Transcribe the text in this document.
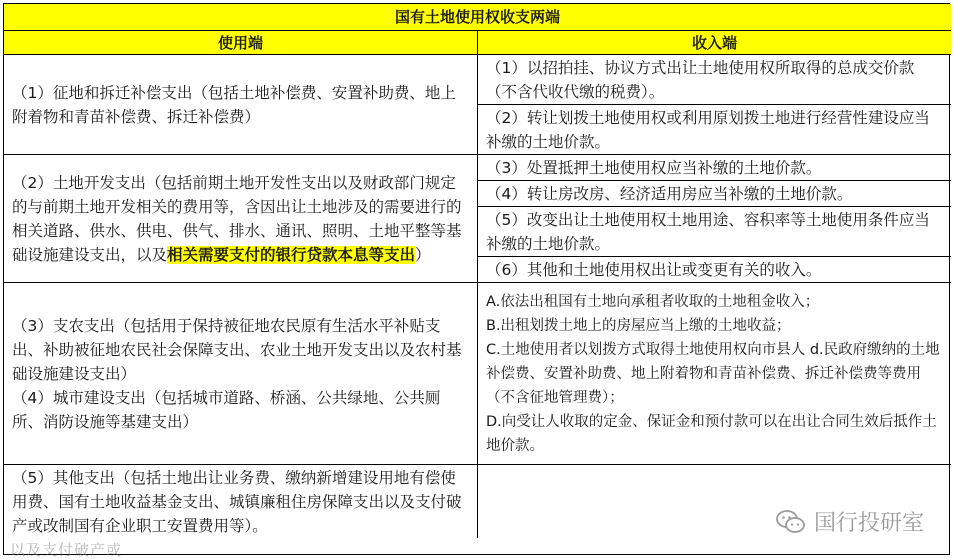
国有土地使用权收支两端
使用端	收入端
（1）征地和拆迁补偿支出（包括土地补偿费、安置补助费、地上附着物和青苗补偿费、拆迁补偿费）
（1）以招拍挂、协议方式出让土地使用权所取得的总成交价款（不含代收代缴的税费）。
（2）转让划拨土地使用权或利用原划拨土地进行经营性建设应当补缴的土地价款。
（2）土地开发支出（包括前期土地开发性支出以及财政部门规定的与前期土地开发相关的费用等，含因出让土地涉及的需要进行的相关道路、供水、供电、供气、排水、通讯、照明、土地平整等基础设施建设支出，以及相关需要支付的银行贷款本息等支出）
（3）处置抵押土地使用权应当补缴的土地价款。
（4）转让房改房、经济适用房应当补缴的土地价款。
（5）改变出让土地使用权土地用途、容积率等土地使用条件应当补缴的土地价款。
（6）其他和土地使用权出让或变更有关的收入。
（3）支农支出（包括用于保持被征地农民原有生活水平补贴支出、补助被征地农民社会保障支出、农业土地开发支出以及农村基础设施建设支出）
（4）城市建设支出（包括城市道路、桥涵、公共绿地、公共厕所、消防设施等基建支出）
A.依法出租国有土地向承租者收取的土地租金收入；
B.出租划拨土地上的房屋应当上缴的土地收益；
C.土地使用者以划拨方式取得土地使用权向市县人 d.民政府缴纳的土地补偿费、安置补助费、地上附着物和青苗补偿费、拆迁补偿费等费用（不含征地管理费）；
D.向受让人收取的定金、保证金和预付款可以在出让合同生效后抵作土地价款。
（5）其他支出（包括土地出让业务费、缴纳新增建设用地有偿使用费、国有土地收益基金支出、城镇廉租住房保障支出以及支付破产或改制国有企业职工安置费用等）。
以及支付破产或
国行投研室
